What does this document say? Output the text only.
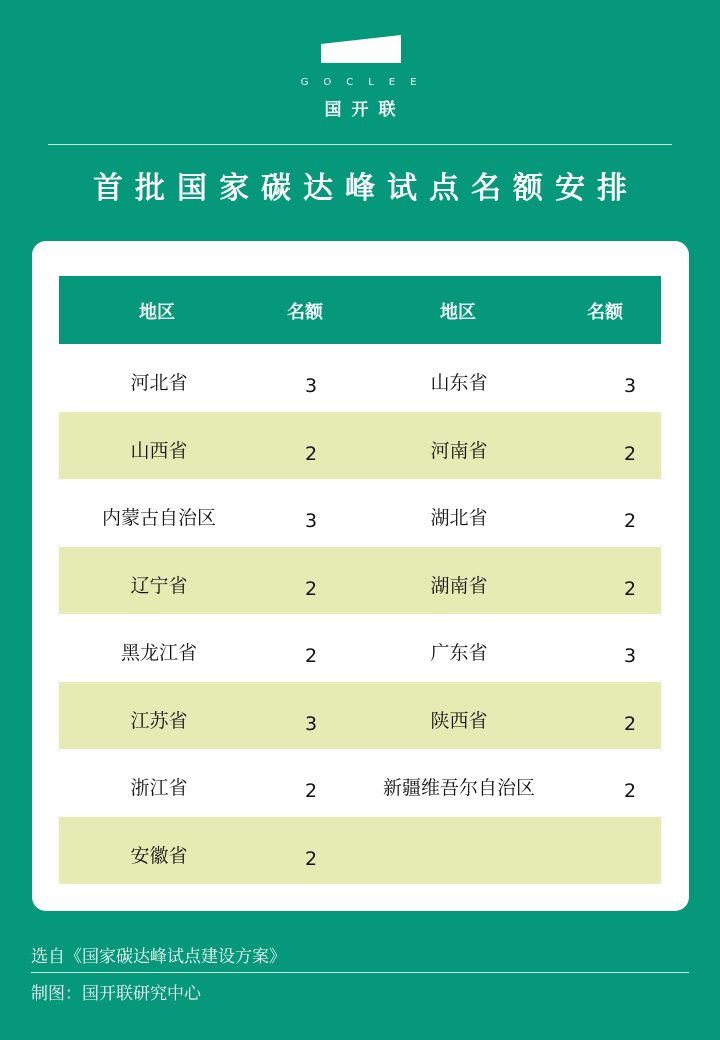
GOCLEE
国开联
首批国家碳达峰试点名额安排
地区	名额	地区	名额
河北省	3	山东省	3
山西省	2	河南省	2
内蒙古自治区	3	湖北省	2
辽宁省	2	湖南省	2
黑龙江省	2	广东省	3
江苏省	3	陕西省	2
浙江省	2	新疆维吾尔自治区	2
安徽省	2
选自《国家碳达峰试点建设方案》
制图：国开联研究中心
